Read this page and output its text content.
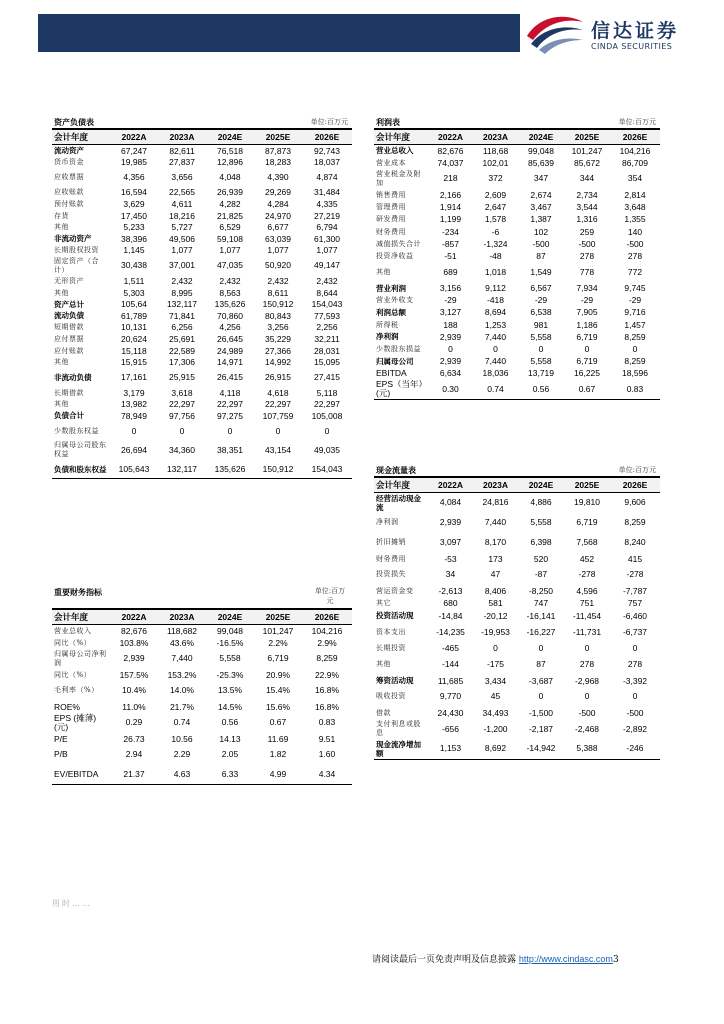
信达证券
CINDA SECURITIES
资产负债表	单位:百万元
会计年度	2022A	2023A	2024E	2025E	2026E
流动资产	67,247	82,611	76,518	87,873	92,743
货币资金	19,985	27,837	12,896	18,283	18,037
应收票据	4,356	3,656	4,048	4,390	4,874
应收账款	16,594	22,565	26,939	29,269	31,484
预付账款	3,629	4,611	4,282	4,284	4,335
存货	17,450	18,216	21,825	24,970	27,219
其他	5,233	5,727	6,529	6,677	6,794
非流动资产	38,396	49,506	59,108	63,039	61,300
长期股权投资	1,145	1,077	1,077	1,077	1,077
固定资产（合计）	30,438	37,001	47,035	50,920	49,147
无形资产	1,511	2,432	2,432	2,432	2,432
其他	5,303	8,995	8,563	8,611	8,644
资产总计	105,64	132,117	135,626	150,912	154,043
流动负债	61,789	71,841	70,860	80,843	77,593
短期借款	10,131	6,256	4,256	3,256	2,256
应付票据	20,624	25,691	26,645	35,229	32,211
应付账款	15,118	22,589	24,989	27,366	28,031
其他	15,915	17,306	14,971	14,992	15,095
非流动负债	17,161	25,915	26,415	26,915	27,415
长期借款	3,179	3,618	4,118	4,618	5,118
其他	13,982	22,297	22,297	22,297	22,297
负债合计	78,949	97,756	97,275	107,759	105,008
少数股东权益	0	0	0	0	0
归属母公司股东权益	26,694	34,360	38,351	43,154	49,035
负债和股东权益	105,643	132,117	135,626	150,912	154,043
重要财务指标	单位:百万元
会计年度	2022A	2023A	2024E	2025E	2026E
营业总收入	82,676	118,682	99,048	101,247	104,216
同比（%）	103.8%	43.6%	-16.5%	2.2%	2.9%
归属母公司净利润	2,939	7,440	5,558	6,719	8,259
同比（%）	157.5%	153.2%	-25.3%	20.9%	22.9%
毛利率（%）	10.4%	14.0%	13.5%	15.4%	16.8%
ROE%	11.0%	21.7%	14.5%	15.6%	16.8%
EPS (摊薄)(元)	0.29	0.74	0.56	0.67	0.83
P/E	26.73	10.56	14.13	11.69	9.51
P/B	2.94	2.29	2.05	1.82	1.60
EV/EBITDA	21.37	4.63	6.33	4.99	4.34
利润表	单位:百万元
会计年度	2022A	2023A	2024E	2025E	2026E
营业总收入	82,676	118,68	99,048	101,247	104,216
营业成本	74,037	102,01	85,639	85,672	86,709
营业税金及附加	218	372	347	344	354
销售费用	2,166	2,609	2,674	2,734	2,814
管理费用	1,914	2,647	3,467	3,544	3,648
研发费用	1,199	1,578	1,387	1,316	1,355
财务费用	-234	-6	102	259	140
减值损失合计	-857	-1,324	-500	-500	-500
投资净收益	-51	-48	87	278	278
其他	689	1,018	1,549	778	772
营业利润	3,156	9,112	6,567	7,934	9,745
营业外收支	-29	-418	-29	-29	-29
利润总额	3,127	8,694	6,538	7,905	9,716
所得税	188	1,253	981	1,186	1,457
净利润	2,939	7,440	5,558	6,719	8,259
少数股东损益	0	0	0	0	0
归属母公司	2,939	7,440	5,558	6,719	8,259
EBITDA	6,634	18,036	13,719	16,225	18,596
EPS（当年）(元)	0.30	0.74	0.56	0.67	0.83
现金流量表	单位:百万元
会计年度	2022A	2023A	2024E	2025E	2026E
经营活动现金流	4,084	24,816	4,886	19,810	9,606
净利润	2,939	7,440	5,558	6,719	8,259
折旧摊销	3,097	8,170	6,398	7,568	8,240
财务费用	-53	173	520	452	415
投资损失	34	47	-87	-278	-278
营运资金变	-2,613	8,406	-8,250	4,596	-7,787
其它	680	581	747	751	757
投资活动现	-14,84	-20,12	-16,141	-11,454	-6,460
资本支出	-14,235	-19,953	-16,227	-11,731	-6,737
长期投资	-465	0	0	0	0
其他	-144	-175	87	278	278
筹资活动现	11,685	3,434	-3,687	-2,968	-3,392
吸收投资	9,770	45	0	0	0
借款	24,430	34,493	-1,500	-500	-500
支付利息或股息	-656	-1,200	-2,187	-2,468	-2,892
现金流净增加额	1,153	8,692	-14,942	5,388	-246
用时……
请阅读最后一页免责声明及信息披露 http://www.cindasc.com3
